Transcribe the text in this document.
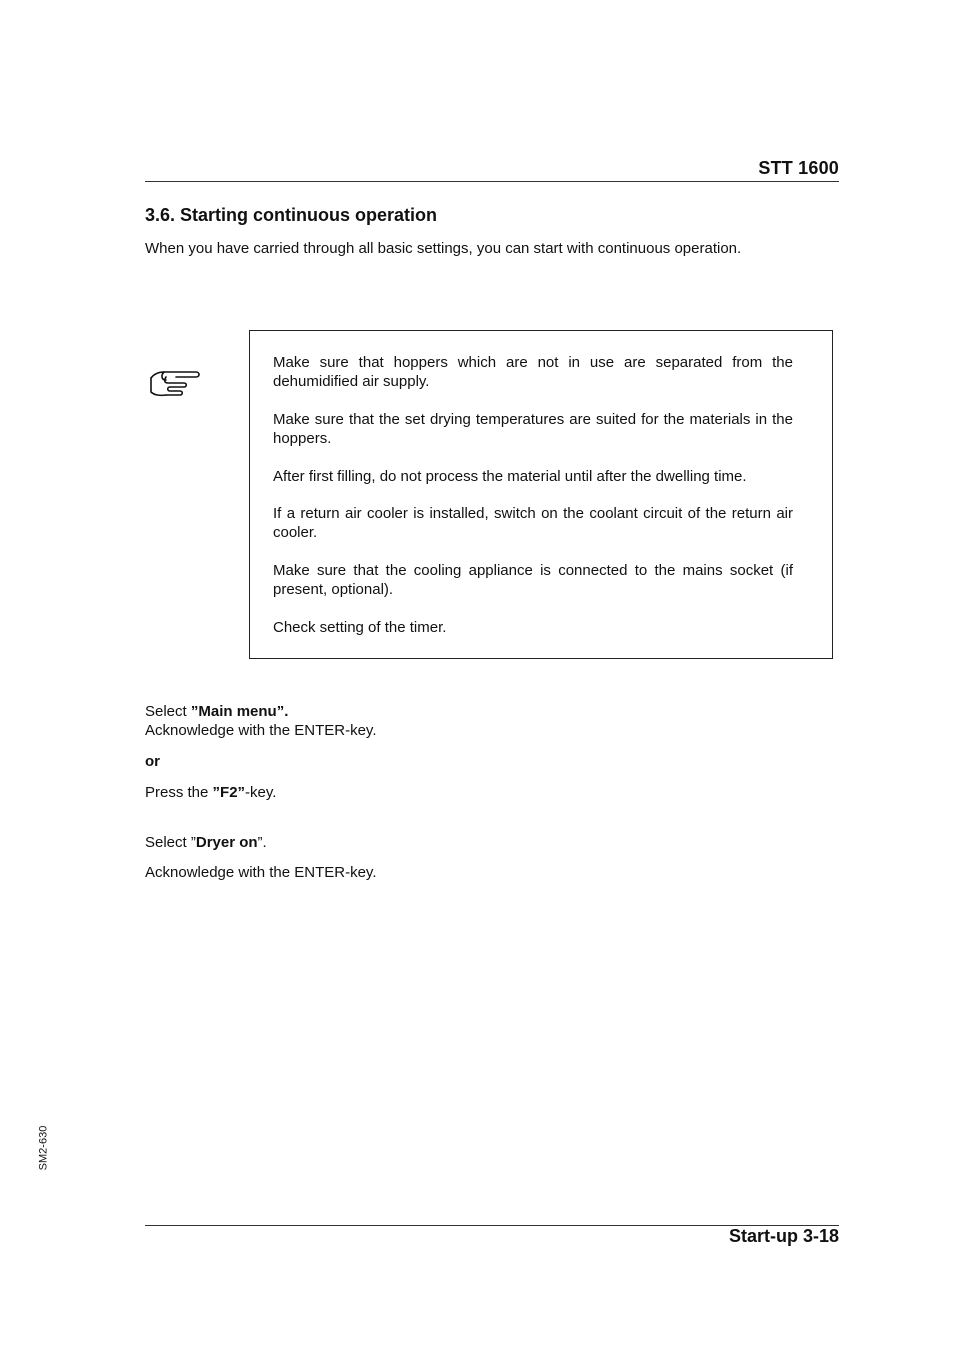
STT 1600
3.6. Starting continuous operation
When you have carried through all basic settings, you can start with continuous operation.
Make sure that hoppers which are not in use are separated from the dehumidified air supply.
Make sure that the set drying temperatures are suited for the materials in the hoppers.
After first filling, do not process the material until after the dwelling time.
If a return air cooler is installed, switch on the coolant circuit of the return air cooler.
Make sure that the cooling appliance is connected to the mains socket (if present, optional).
Check setting of the timer.
Select ”Main menu”.
Acknowledge with the ENTER-key.
or
Press the ”F2”-key.
Select ”Dryer on”.
Acknowledge with the ENTER-key.
SM2-630
Start-up 3-18
